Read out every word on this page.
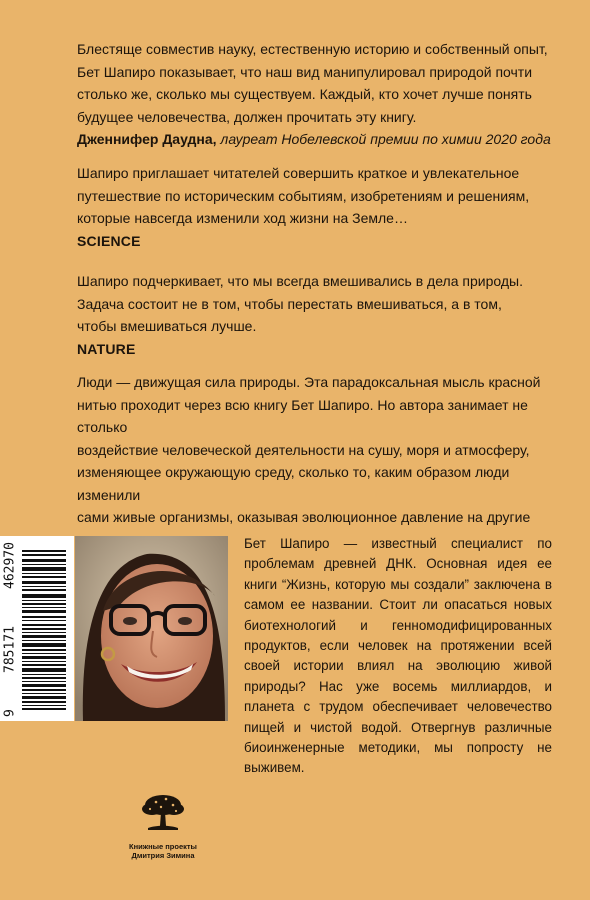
Блестяще совместив науку, естественную историю и собственный опыт,

Бет Шапиро показывает, что наш вид манипулировал природой почти

столько же, сколько мы существуем. Каждый, кто хочет лучше понять

будущее человечества, должен прочитать эту книгу.

Дженнифер Даудна, лауреат Нобелевской премии по химии 2020 года

Шапиро приглашает читателей совершить краткое и увлекательное

путешествие по историческим событиям, изобретениям и решениям,

которые навсегда изменили ход жизни на Земле…

SCIENCE

Шапиро подчеркивает, что мы всегда вмешивались в дела природы.

Задача состоит не в том, чтобы перестать вмешиваться, а в том,

чтобы вмешиваться лучше.

NATURE

Люди — движущая сила природы. Эта парадоксальная мысль красной

нитью проходит через всю книгу Бет Шапиро. Но автора занимает не столько

воздействие человеческой деятельности на сушу, моря и атмосферу,

изменяющее окружающую среду, сколько то, каким образом люди изменили

сами живые организмы, оказывая эволюционное давление на другие

9
785171
462970	Бет Шапиро — известный специалист по проблемам древней ДНК. Основная идея ее книги “Жизнь, которую мы создали” заключена в самом ее названии. Стоит ли опасаться новых биотехнологий и генномодифицированных продуктов, если человек на протяжении всей своей истории влиял на эволюцию живой природы? Нас уже восемь миллиардов, и планета с трудом обеспечивает человечество пищей и чистой водой. Отвергнув различные биоинженерные методики, мы попросту не выживем.

Книжные проекты
Дмитрия Зимина
